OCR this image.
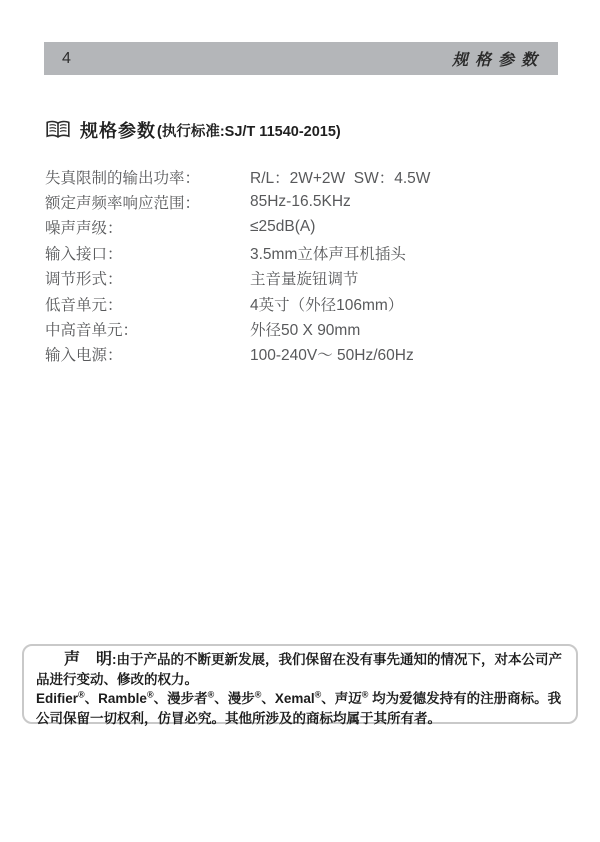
4	规格参数
规格参数 (执行标准:SJ/T 11540-2015)
失真限制的输出功率：	R/L：2W+2W  SW：4.5W
额定声频率响应范围：	85Hz-16.5KHz
噪声声级：	≤25dB(A)
输入接口：	3.5mm立体声耳机插头
调节形式：	主音量旋钮调节
低音单元：	4英寸（外径106mm）
中高音单元：	外径50 X 90mm
输入电源：	100-240V～ 50Hz/60Hz

声　明:由于产品的不断更新发展，我们保留在没有事先通知的情况下，对本公司产品进行变动、修改的权力。

Edifier®、Ramble®、漫步者®、漫步®、Xemal®、声迈® 均为爱德发持有的注册商标。我公司保留一切权利，仿冒必究。其他所涉及的商标均属于其所有者。
